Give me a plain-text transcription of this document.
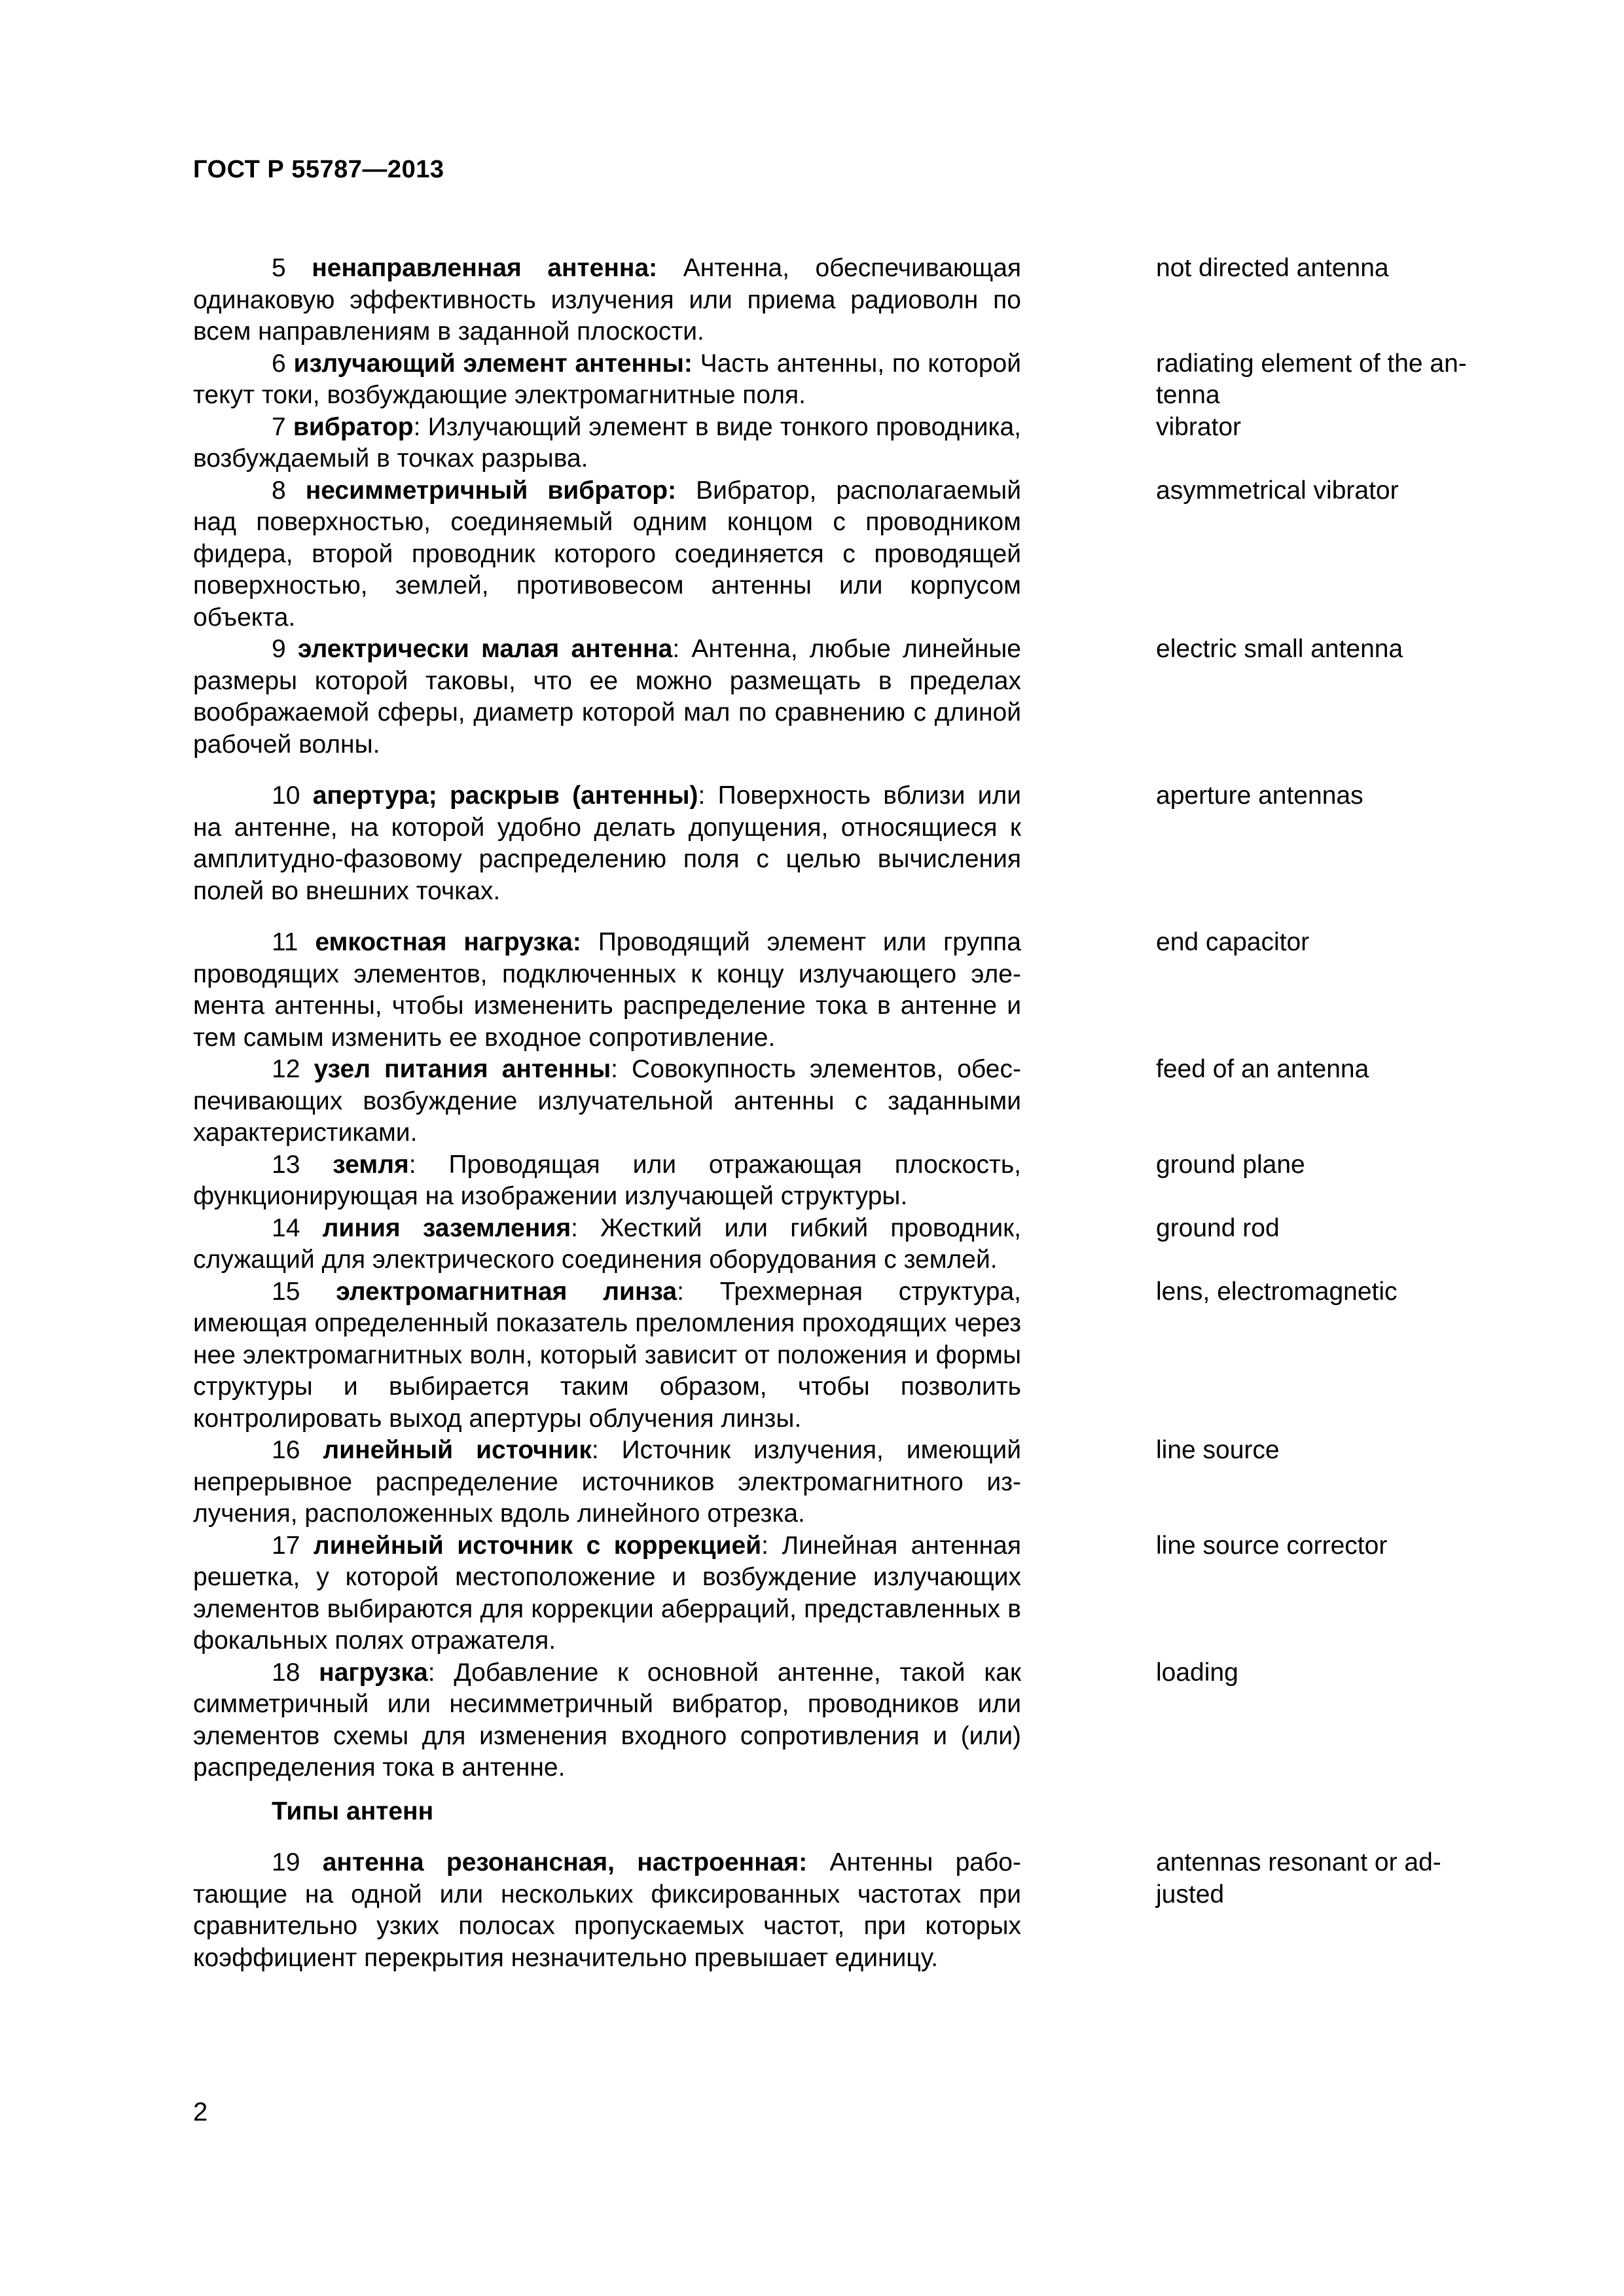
ГОСТ Р 55787—2013
5 ненаправленная антенна: Антенна, обеспечивающая одинаковую эффективность излучения или приема радиоволн по всем направлениям в заданной плоскости.
not directed antenna
6 излучающий элемент антенны: Часть антенны, по которой текут токи, возбуждающие электромагнитные поля.
radiating element of the an-tenna
7 вибратор: Излучающий элемент в виде тонкого проводника, возбуждаемый в точках разрыва.
vibrator
8 несимметричный вибратор: Вибратор, располагаемый над поверхностью, соединяемый одним концом с проводником фидера, второй проводник которого соединяется с проводящей поверхностью, землей, противовесом антенны или корпусом объекта.
asymmetrical vibrator
9 электрически малая антенна: Антенна, любые линейные размеры которой таковы, что ее можно размещать в пределах воображаемой сферы, диаметр которой мал по сравнению с длиной рабочей волны.
electric small antenna
10 апертура; раскрыв (антенны): Поверхность вблизи или на антенне, на которой удобно делать допущения, относящиеся к амплитудно-фазовому распределению поля с целью вычисления полей во внешних точках.
aperture antennas
11 емкостная нагрузка: Проводящий элемент или группа проводящих элементов, подключенных к концу излучающего элемента антенны, чтобы измененить распределение тока в антенне и тем самым изменить ее входное сопротивление.
end capacitor
12 узел питания антенны: Совокупность элементов, обеспечивающих возбуждение излучательной антенны с заданными характеристиками.
feed of an antenna
13 земля: Проводящая или отражающая плоскость, функционирующая на изображении излучающей структуры.
ground plane
14 линия заземления: Жесткий или гибкий проводник, служащий для электрического соединения оборудования с землей.
ground rod
15 электромагнитная линза: Трехмерная структура, имеющая определенный показатель преломления проходящих через нее электромагнитных волн, который зависит от положения и формы структуры и выбирается таким образом, чтобы позволить контролировать выход апертуры облучения линзы.
lens, electromagnetic
16 линейный источник: Источник излучения, имеющий непрерывное распределение источников электромагнитного излучения, расположенных вдоль линейного отрезка.
line source
17 линейный источник с коррекцией: Линейная антенная решетка, у которой местоположение и возбуждение излучающих элементов выбираются для коррекции аберраций, представленных в фокальных полях отражателя.
line source corrector
18 нагрузка: Добавление к основной антенне, такой как симметричный или несимметричный вибратор, проводников или элементов схемы для изменения входного сопротивления и (или) распределения тока в антенне.
loading
Типы антенн
19 антенна резонансная, настроенная: Антенны работающие на одной или нескольких фиксированных частотах при сравнительно узких полосах пропускаемых частот, при которых коэффициент перекрытия незначительно превышает единицу.
antennas resonant or ad-justed
2
